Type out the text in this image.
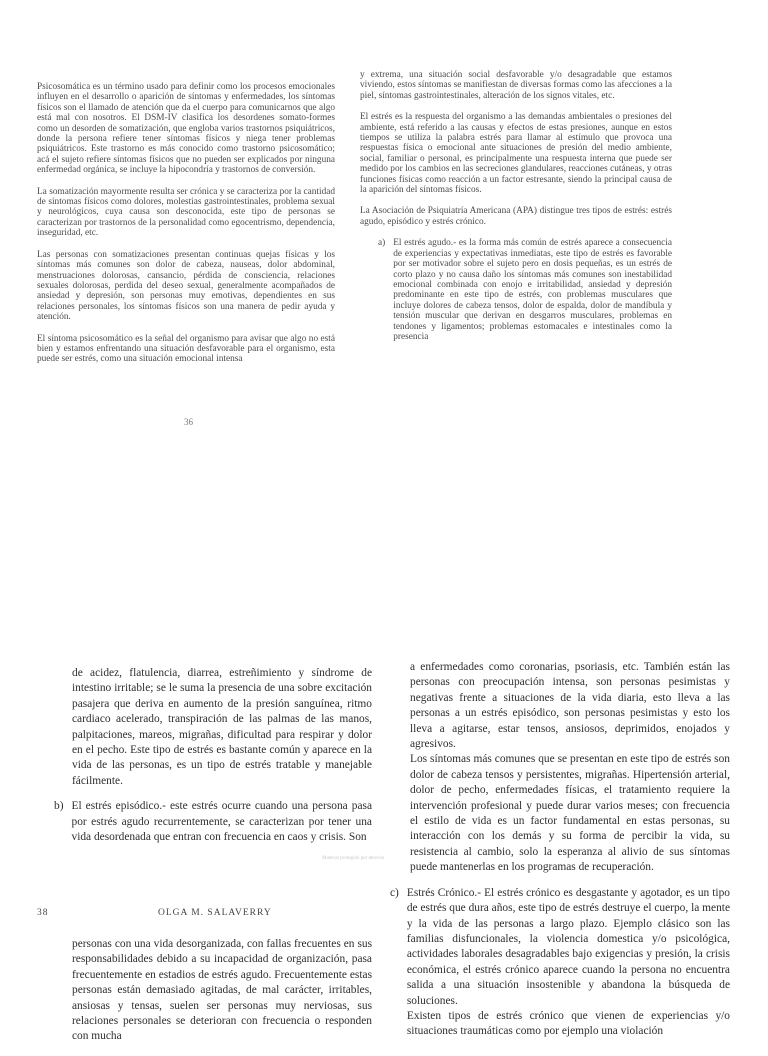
Psicosomática es un término usado para definir como los procesos emocionales influyen en el desarrollo o aparición de síntomas y enfermedades, los síntomas físicos son el llamado de atención que da el cuerpo para comunicarnos que algo está mal con nosotros. El DSM-IV clasifica los desordenes somato-formes como un desorden de somatización, que engloba varios trastornos psiquiátricos, donde la persona refiere tener síntomas físicos y niega tener problemas psiquiátricos. Este trastorno es más conocido como trastorno psicosomático; acá el sujeto refiere síntomas físicos que no pueden ser explicados por ninguna enfermedad orgánica, se incluye la hipocondría y trastornos de conversión.

La somatización mayormente resulta ser crónica y se caracteriza por la cantidad de síntomas físicos como dolores, molestias gastrointestinales, problema sexual y neurológicos, cuya causa son desconocida, este tipo de personas se caracterizan por trastornos de la personalidad como egocentrismo, dependencia, inseguridad, etc.

Las personas con somatizaciones presentan continuas quejas físicas y los síntomas más comunes son dolor de cabeza, nauseas, dolor abdominal, menstruaciones dolorosas, cansancio, pérdida de consciencia, relaciones sexuales dolorosas, perdida del deseo sexual, generalmente acompañados de ansiedad y depresión, son personas muy emotivas, dependientes en sus relaciones personales, los síntomas físicos son una manera de pedir ayuda y atención.

El síntoma psicosomático es la señal del organismo para avisar que algo no está bien y estamos enfrentando una situación desfavorable para el organismo, esta puede ser estrés, como una situación emocional intensa

36

y extrema, una situación social desfavorable y/o desagradable que estamos viviendo, estos síntomas se manifiestan de diversas formas como las afecciones a la piel, síntomas gastrointestinales, alteración de los signos vitales, etc.

El estrés es la respuesta del organismo a las demandas ambientales o presiones del ambiente, está referido a las causas y efectos de estas presiones, aunque en estos tiempos se utiliza la palabra estrés para llamar al estímulo que provoca una respuestas física o emocional ante situaciones de presión del medio ambiente, social, familiar o personal, es principalmente una respuesta interna que puede ser medido por los cambios en las secreciones glandulares, reacciones cutáneas, y otras funciones físicas como reacción a un factor estresante, siendo la principal causa de la aparición del síntomas físicos.

La Asociación de Psiquiatría Americana (APA) distingue tres tipos de estrés: estrés agudo, episódico y estrés crónico.

a) El estrés agudo.- es la forma más común de estrés aparece a consecuencia de experiencias y expectativas inmediatas, este tipo de estrés es favorable por ser motivador sobre el sujeto pero en dosis pequeñas, es un estrés de corto plazo y no causa daño los síntomas más comunes son inestabilidad emocional combinada con enojo e irritabilidad, ansiedad y depresión predominante en este tipo de estrés, con problemas musculares que incluye dolores de cabeza tensos, dolor de espalda, dolor de mandíbula y tensión muscular que derivan en desgarros musculares, problemas en tendones y ligamentos; problemas estomacales e intestinales como la presencia

de acidez, flatulencia, diarrea, estreñimiento y síndrome de intestino irritable; se le suma la presencia de una sobre excitación pasajera que deriva en aumento de la presión sanguínea, ritmo cardiaco acelerado, transpiración de las palmas de las manos, palpitaciones, mareos, migrañas, dificultad para respirar y dolor en el pecho. Este tipo de estrés es bastante común y aparece en la vida de las personas, es un tipo de estrés tratable y manejable fácilmente.

b) El estrés episódico.- este estrés ocurre cuando una persona pasa por estrés agudo recurrentemente, se caracterizan por tener una vida desordenada que entran con frecuencia en caos y crisis. Son
Material protegido por derecho
38	OLGA M. SALAVERRY

personas con una vida desorganizada, con fallas frecuentes en sus responsabilidades debido a su incapacidad de organización, pasa frecuentemente en estadios de estrés agudo. Frecuentemente estas personas están demasiado agitadas, de mal carácter, irritables, ansiosas y tensas, suelen ser personas muy nerviosas, sus relaciones personales se deterioran con frecuencia o responden con mucha

a enfermedades como coronarias, psoriasis, etc. También están las personas con preocupación intensa, son personas pesimistas y negativas frente a situaciones de la vida diaria, esto lleva a las personas a un estrés episódico, son personas pesimistas y esto los lleva a agitarse, estar tensos, ansiosos, deprimidos, enojados y agresivos.

Los síntomas más comunes que se presentan en este tipo de estrés son dolor de cabeza tensos y persistentes, migrañas. Hipertensión arterial, dolor de pecho, enfermedades físicas, el tratamiento requiere la intervención profesional y puede durar varios meses; con frecuencia el estilo de vida es un factor fundamental en estas personas, su interacción con los demás y su forma de percibir la vida, su resistencia al cambio, solo la esperanza al alivio de sus síntomas puede mantenerlas en los programas de recuperación.

c) Estrés Crónico.- El estrés crónico es desgastante y agotador, es un tipo de estrés que dura años, este tipo de estrés destruye el cuerpo, la mente y la vida de las personas a largo plazo. Ejemplo clásico son las familias disfuncionales, la violencia domestica y/o psicológica, actividades laborales desagradables bajo exigencias y presión, la crisis económica, el estrés crónico aparece cuando la persona no encuentra salida a una situación insostenible y abandona la búsqueda de soluciones.
Existen tipos de estrés crónico que vienen de experiencias y/o situaciones traumáticas como por ejemplo una violación
